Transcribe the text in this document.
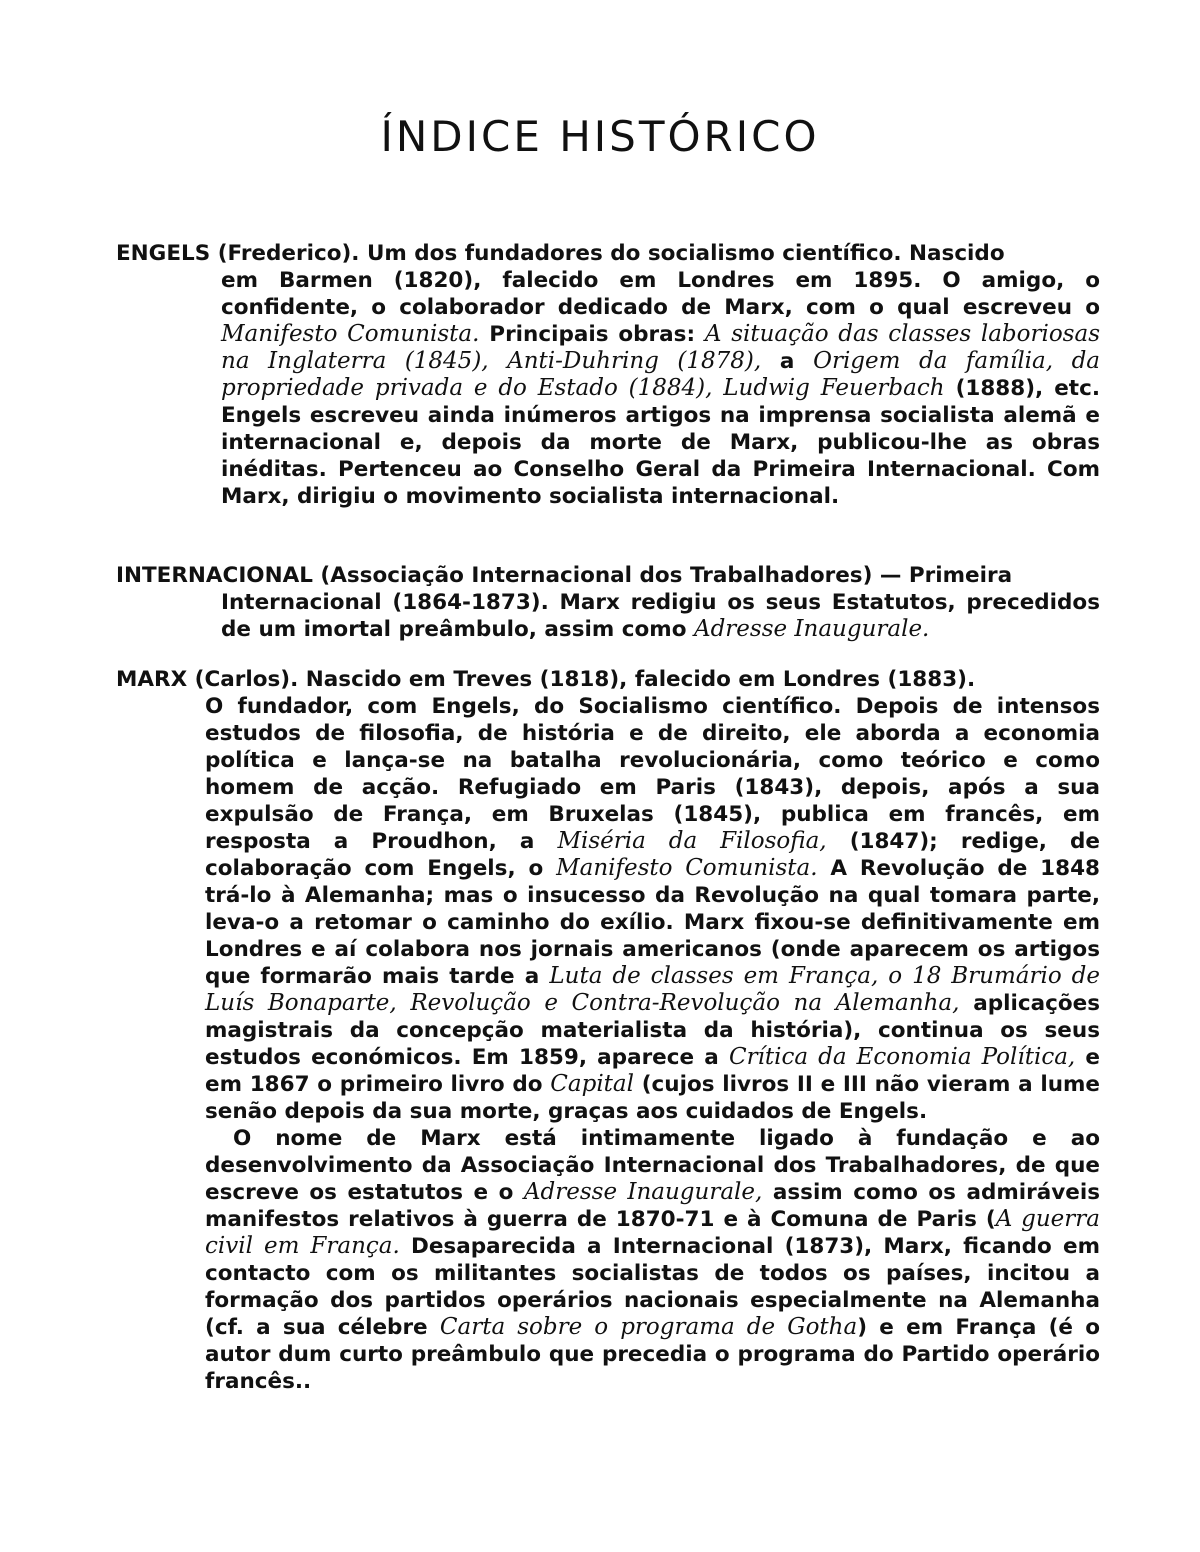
ÍNDICE HISTÓRICO
ENGELS (Frederico). Um dos fundadores do socialismo científico. Nascido
em Barmen (1820), falecido em Londres em 1895. O amigo, o confidente, o colaborador dedicado de Marx, com o qual escreveu o Manifesto Comunista. Principais obras: A situação das classes laboriosas na Inglaterra (1845), Anti-Duhring (1878), a Origem da família, da propriedade privada e do Estado (1884), Ludwig Feuerbach (1888), etc. Engels escreveu ainda inúmeros artigos na imprensa socialista alemã e internacional e, depois da morte de Marx, publicou-lhe as obras inéditas. Pertenceu ao Conselho Geral da Primeira Internacional. Com Marx, dirigiu o movimento socialista internacional.
INTERNACIONAL (Associação Internacional dos Trabalhadores) — Primeira
Internacional (1864-1873). Marx redigiu os seus Estatutos, precedidos de um imortal preâmbulo, assim como Adresse Inaugurale.
MARX (Carlos). Nascido em Treves (1818), falecido em Londres (1883).
O fundador, com Engels, do Socialismo científico. Depois de intensos estudos de filosofia, de história e de direito, ele aborda a economia política e lança-se na batalha revolucionária, como teórico e como homem de acção. Refugiado em Paris (1843), depois, após a sua expulsão de França, em Bruxelas (1845), publica em francês, em resposta a Proudhon, a Miséria da Filosofia, (1847); redige, de colaboração com Engels, o Manifesto Comunista. A Revolução de 1848 trá-lo à Alemanha; mas o insucesso da Revolução na qual tomara parte, leva-o a retomar o caminho do exílio. Marx fixou-se definitivamente em Londres e aí colabora nos jornais americanos (onde aparecem os artigos que formarão mais tarde a Luta de classes em França, o 18 Brumário de Luís Bonaparte, Revolução e Contra-Revolução na Alemanha, aplicações magistrais da concepção materialista da história), continua os seus estudos económicos. Em 1859, aparece a Crítica da Economia Política, e em 1867 o primeiro livro do Capital (cujos livros II e III não vieram a lume senão depois da sua morte, graças aos cuidados de Engels.
O nome de Marx está intimamente ligado à fundação e ao desenvolvimento da Associação Internacional dos Trabalhadores, de que escreve os estatutos e o Adresse Inaugurale, assim como os admiráveis manifestos relativos à guerra de 1870-71 e à Comuna de Paris (A guerra civil em França. Desaparecida a Internacional (1873), Marx, ficando em contacto com os militantes socialistas de todos os países, incitou a formação dos partidos operários nacionais especialmente na Alemanha (cf. a sua célebre Carta sobre o programa de Gotha) e em França (é o autor dum curto preâmbulo que precedia o programa do Partido operário francês..
